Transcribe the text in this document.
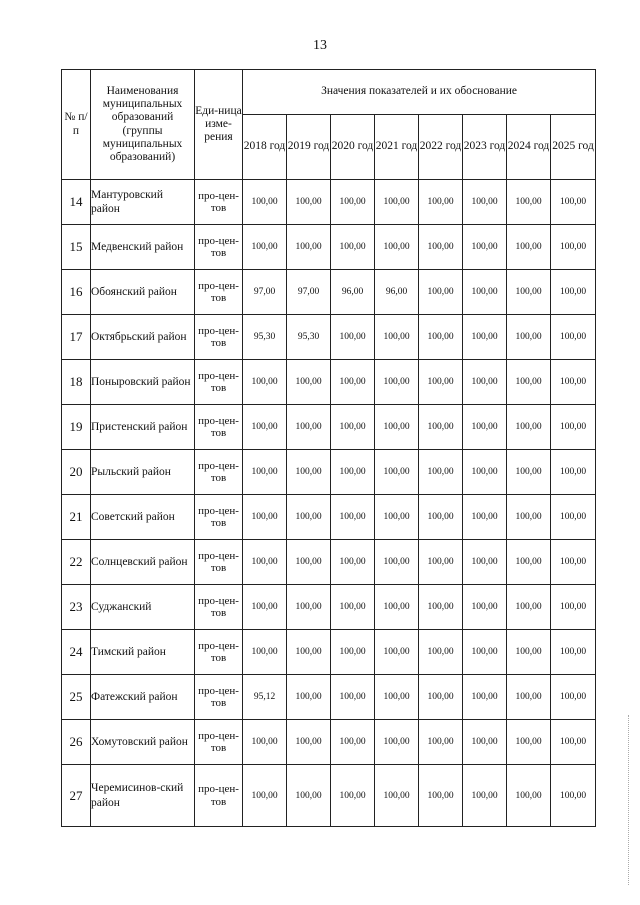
13
№ п/п	Наименования муниципальных образований (группы муниципальных образований)	Еди-ница изме-рения	Значения показателей и их обоснование							
			2018 год	2019 год	2020 год	2021 год	2022 год	2023 год	2024 год	2025 год
14	Мантуровский район	про-цен-тов	100,00	100,00	100,00	100,00	100,00	100,00	100,00	100,00
15	Медвенский район	про-цен-тов	100,00	100,00	100,00	100,00	100,00	100,00	100,00	100,00
16	Обоянский район	про-цен-тов	97,00	97,00	96,00	96,00	100,00	100,00	100,00	100,00
17	Октябрьский район	про-цен-тов	95,30	95,30	100,00	100,00	100,00	100,00	100,00	100,00
18	Поныровский район	про-цен-тов	100,00	100,00	100,00	100,00	100,00	100,00	100,00	100,00
19	Пристенский район	про-цен-тов	100,00	100,00	100,00	100,00	100,00	100,00	100,00	100,00
20	Рыльский район	про-цен-тов	100,00	100,00	100,00	100,00	100,00	100,00	100,00	100,00
21	Советский район	про-цен-тов	100,00	100,00	100,00	100,00	100,00	100,00	100,00	100,00
22	Солнцевский район	про-цен-тов	100,00	100,00	100,00	100,00	100,00	100,00	100,00	100,00
23	Суджанский	про-цен-тов	100,00	100,00	100,00	100,00	100,00	100,00	100,00	100,00
24	Тимский район	про-цен-тов	100,00	100,00	100,00	100,00	100,00	100,00	100,00	100,00
25	Фатежский район	про-цен-тов	95,12	100,00	100,00	100,00	100,00	100,00	100,00	100,00
26	Хомутовский район	про-цен-тов	100,00	100,00	100,00	100,00	100,00	100,00	100,00	100,00
27	Черемисинов-ский район	про-цен-тов	100,00	100,00	100,00	100,00	100,00	100,00	100,00	100,00
